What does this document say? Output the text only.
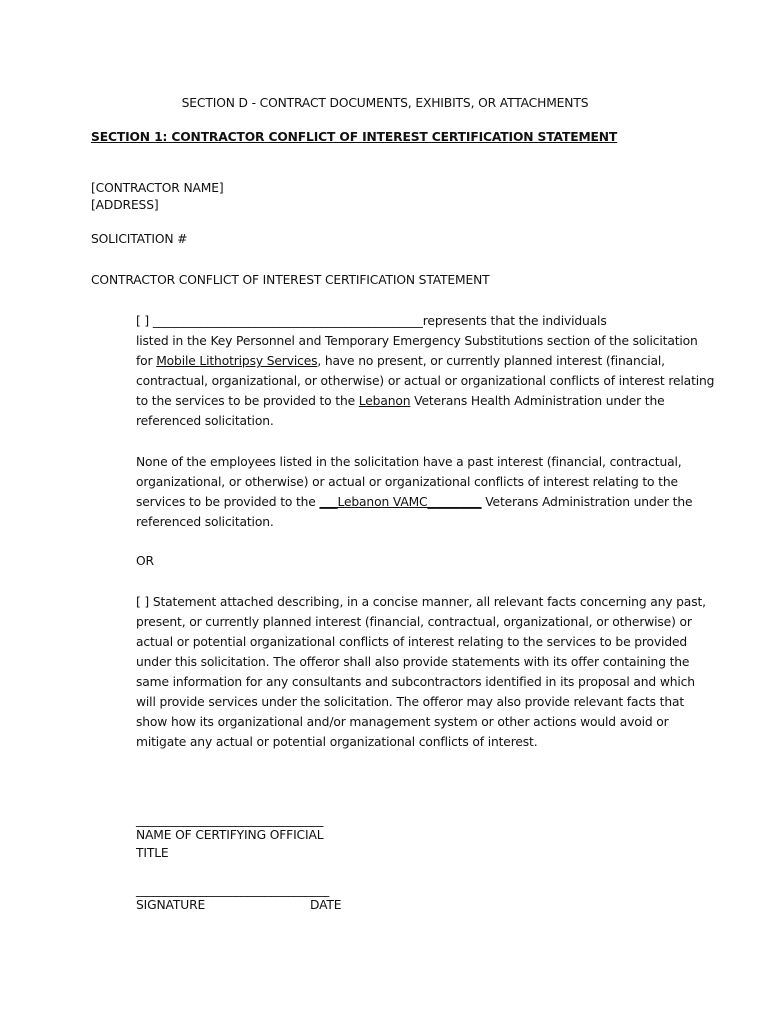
SECTION D - CONTRACT DOCUMENTS, EXHIBITS, OR ATTACHMENTS
SECTION 1: CONTRACTOR CONFLICT OF INTEREST CERTIFICATION STATEMENT
[CONTRACTOR NAME]
[ADDRESS]
SOLICITATION #
CONTRACTOR CONFLICT OF INTEREST CERTIFICATION STATEMENT
[ ] _____________________________________________represents that the individuals
listed in the Key Personnel and Temporary Emergency Substitutions section of the solicitation
for Mobile Lithotripsy Services, have no present, or currently planned interest (financial,
contractual, organizational, or otherwise) or actual or organizational conflicts of interest relating
to the services to be provided to the Lebanon Veterans Health Administration under the
referenced solicitation.
None of the employees listed in the solicitation have a past interest (financial, contractual,
organizational, or otherwise) or actual or organizational conflicts of interest relating to the
services to be provided to the ___Lebanon VAMC_________ Veterans Administration under the
referenced solicitation.
OR
[ ] Statement attached describing, in a concise manner, all relevant facts concerning any past,
present, or currently planned interest (financial, contractual, organizational, or otherwise) or
actual or potential organizational conflicts of interest relating to the services to be provided
under this solicitation. The offeror shall also provide statements with its offer containing the
same information for any consultants and subcontractors identified in its proposal and which
will provide services under the solicitation. The offeror may also provide relevant facts that
show how its organizational and/or management system or other actions would avoid or
mitigate any actual or potential organizational conflicts of interest.
________________________________
NAME OF CERTIFYING OFFICIAL
TITLE
_________________________________
SIGNATURE	DATE
